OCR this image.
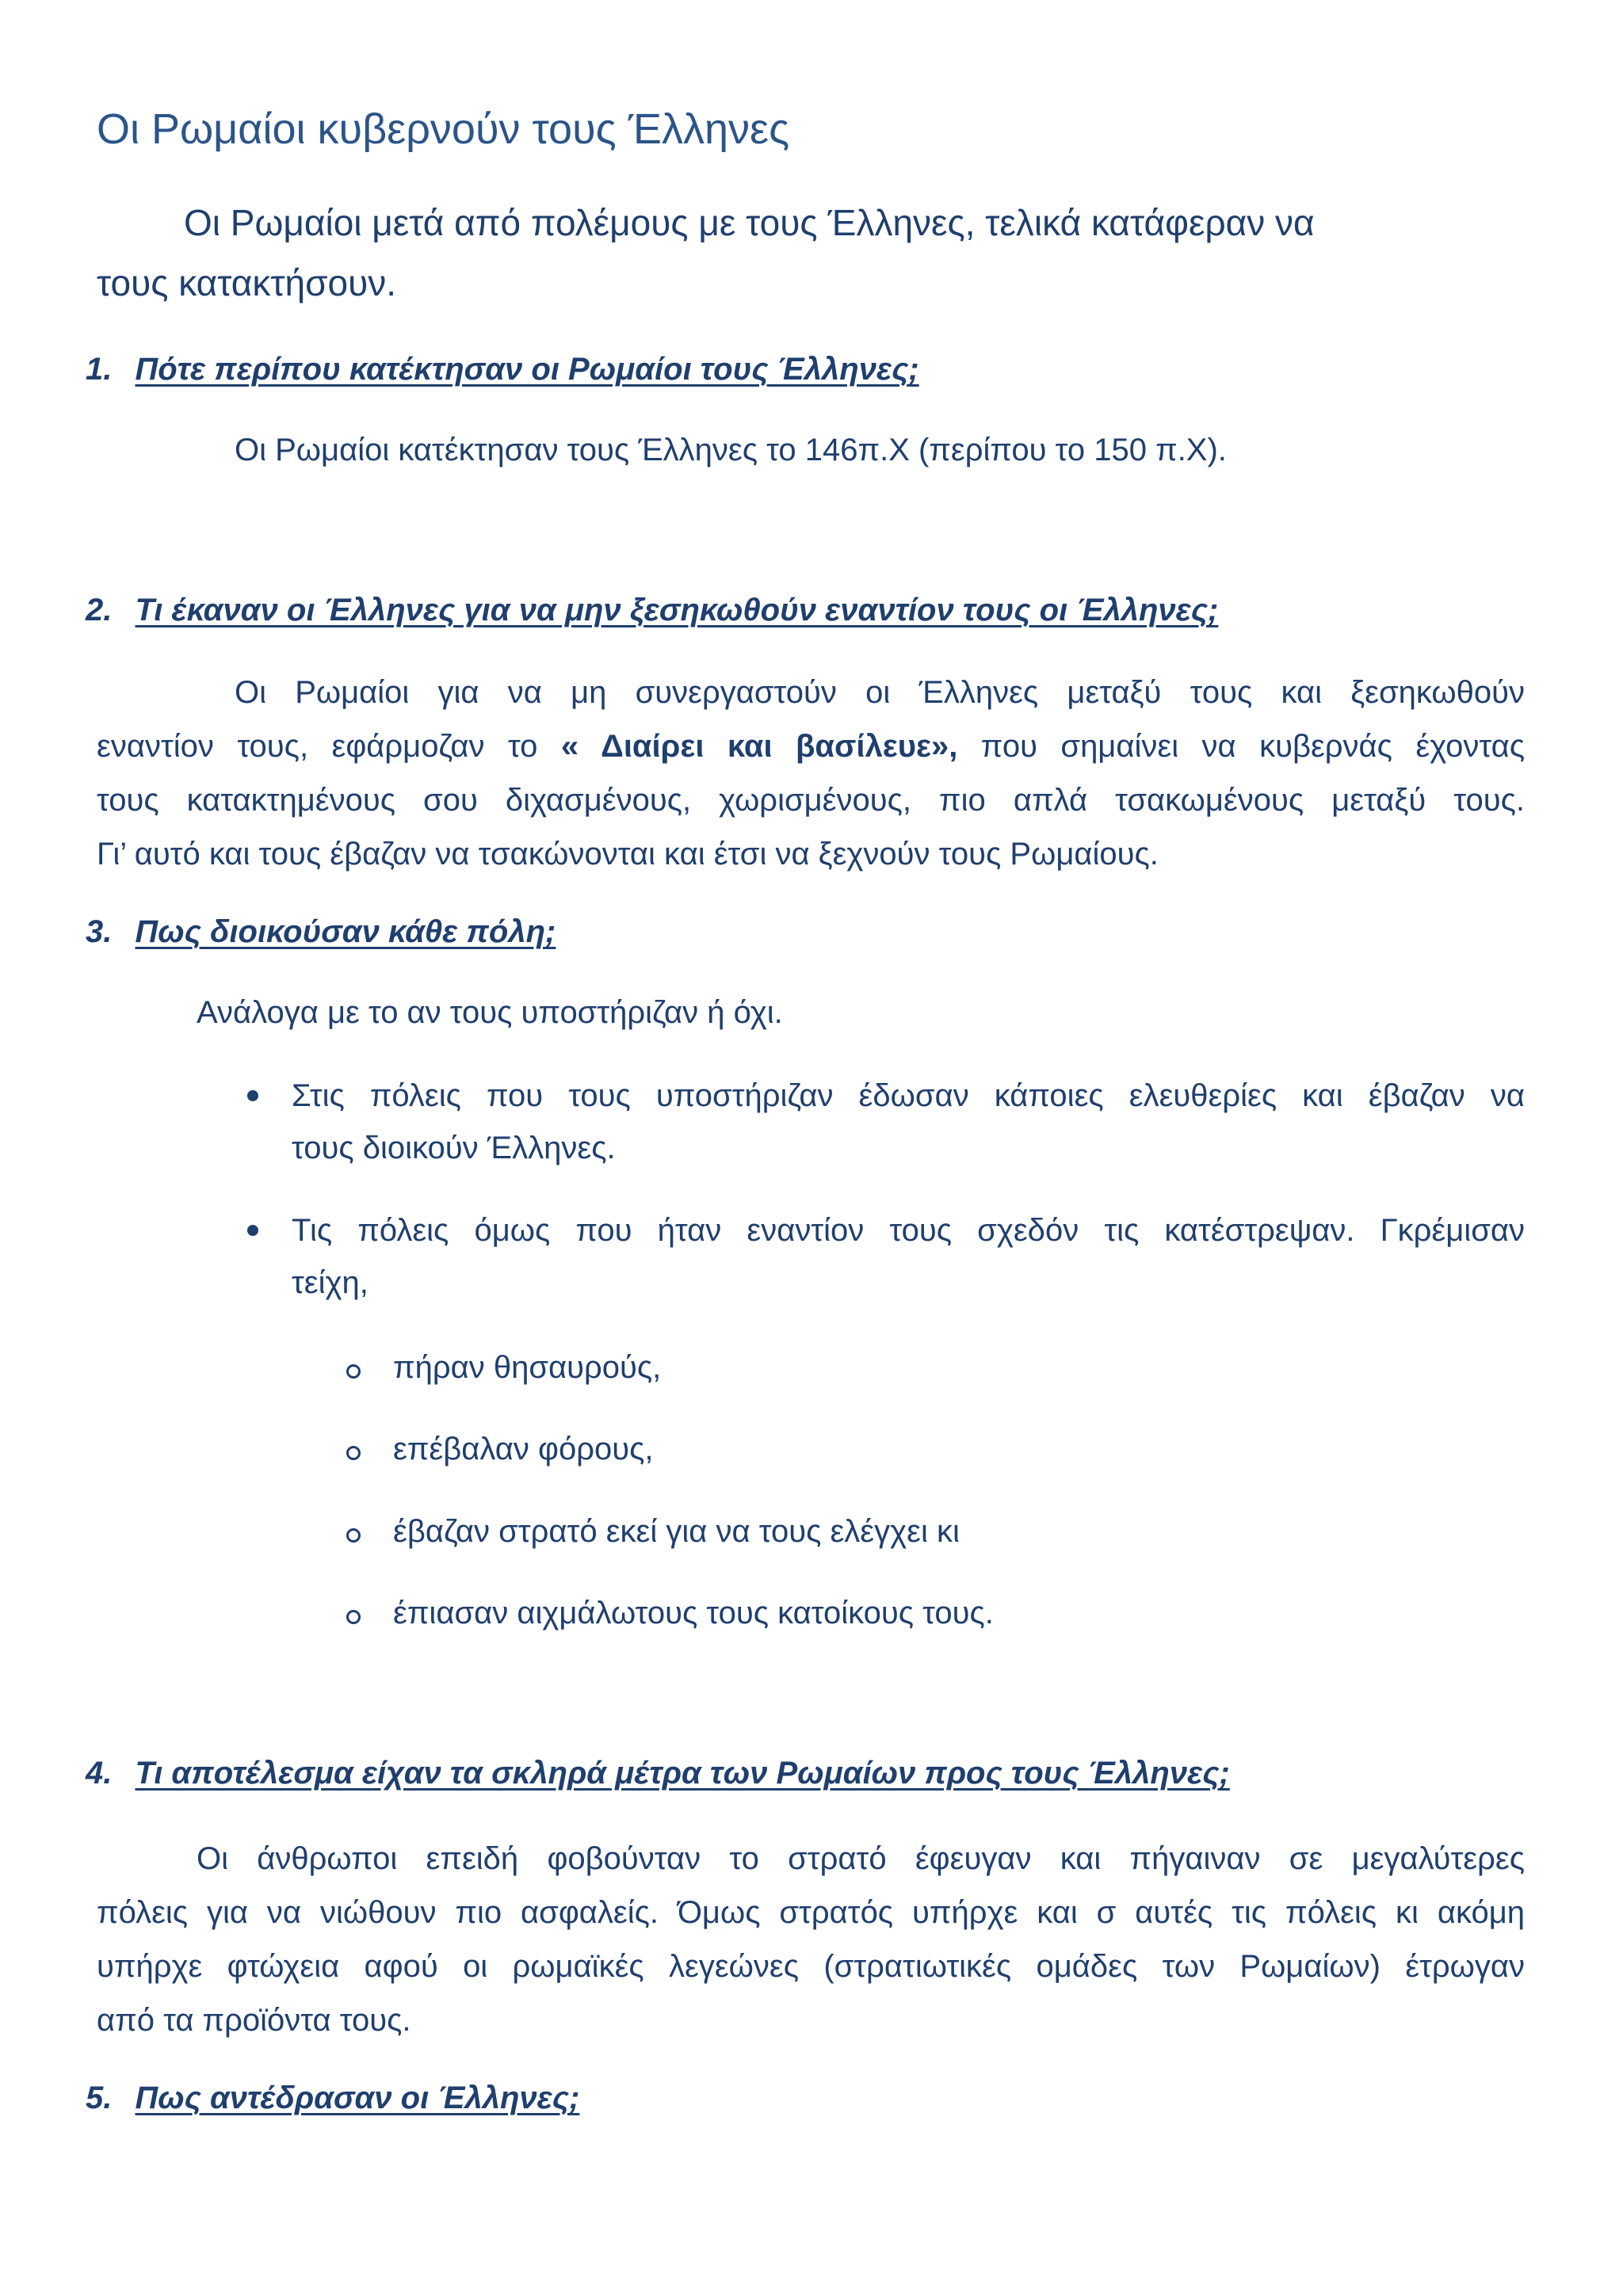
Οι Ρωμαίοι κυβερνούν τους Έλληνες
Οι Ρωμαίοι μετά από πολέμους με τους Έλληνες, τελικά κατάφεραν να
τους κατακτήσουν.
1. Πότε περίπου κατέκτησαν οι Ρωμαίοι τους Έλληνες;
Οι Ρωμαίοι κατέκτησαν τους Έλληνες το 146π.Χ (περίπου το 150 π.Χ).
2. Τι έκαναν οι Έλληνες για να μην ξεσηκωθούν εναντίον τους οι Έλληνες;
Οι Ρωμαίοι για να μη συνεργαστούν οι Έλληνες μεταξύ τους και ξεσηκωθούν
εναντίον τους, εφάρμοζαν το « Διαίρει και βασίλευε», που σημαίνει να κυβερνάς έχοντας
τους κατακτημένους σου διχασμένους, χωρισμένους, πιο απλά τσακωμένους μεταξύ τους.
Γι’ αυτό και τους έβαζαν να τσακώνονται και έτσι να ξεχνούν τους Ρωμαίους.
3. Πως διοικούσαν κάθε πόλη;
Ανάλογα με το αν τους υποστήριζαν ή όχι.
Στις πόλεις που τους υποστήριζαν έδωσαν κάποιες ελευθερίες και έβαζαν να
τους διοικούν Έλληνες.
Τις πόλεις όμως που ήταν εναντίον τους σχεδόν τις κατέστρεψαν. Γκρέμισαν
τείχη,
πήραν θησαυρούς,
επέβαλαν φόρους,
έβαζαν στρατό εκεί για να τους ελέγχει κι
έπιασαν αιχμάλωτους τους κατοίκους τους.
4. Τι αποτέλεσμα είχαν τα σκληρά μέτρα των Ρωμαίων προς τους Έλληνες;
Οι άνθρωποι επειδή φοβούνταν το στρατό έφευγαν και πήγαιναν σε μεγαλύτερες
πόλεις για να νιώθουν πιο ασφαλείς. Όμως στρατός υπήρχε και σ αυτές τις πόλεις κι ακόμη
υπήρχε φτώχεια αφού οι ρωμαϊκές λεγεώνες (στρατιωτικές ομάδες των Ρωμαίων) έτρωγαν
από τα προϊόντα τους.
5. Πως αντέδρασαν οι Έλληνες;
